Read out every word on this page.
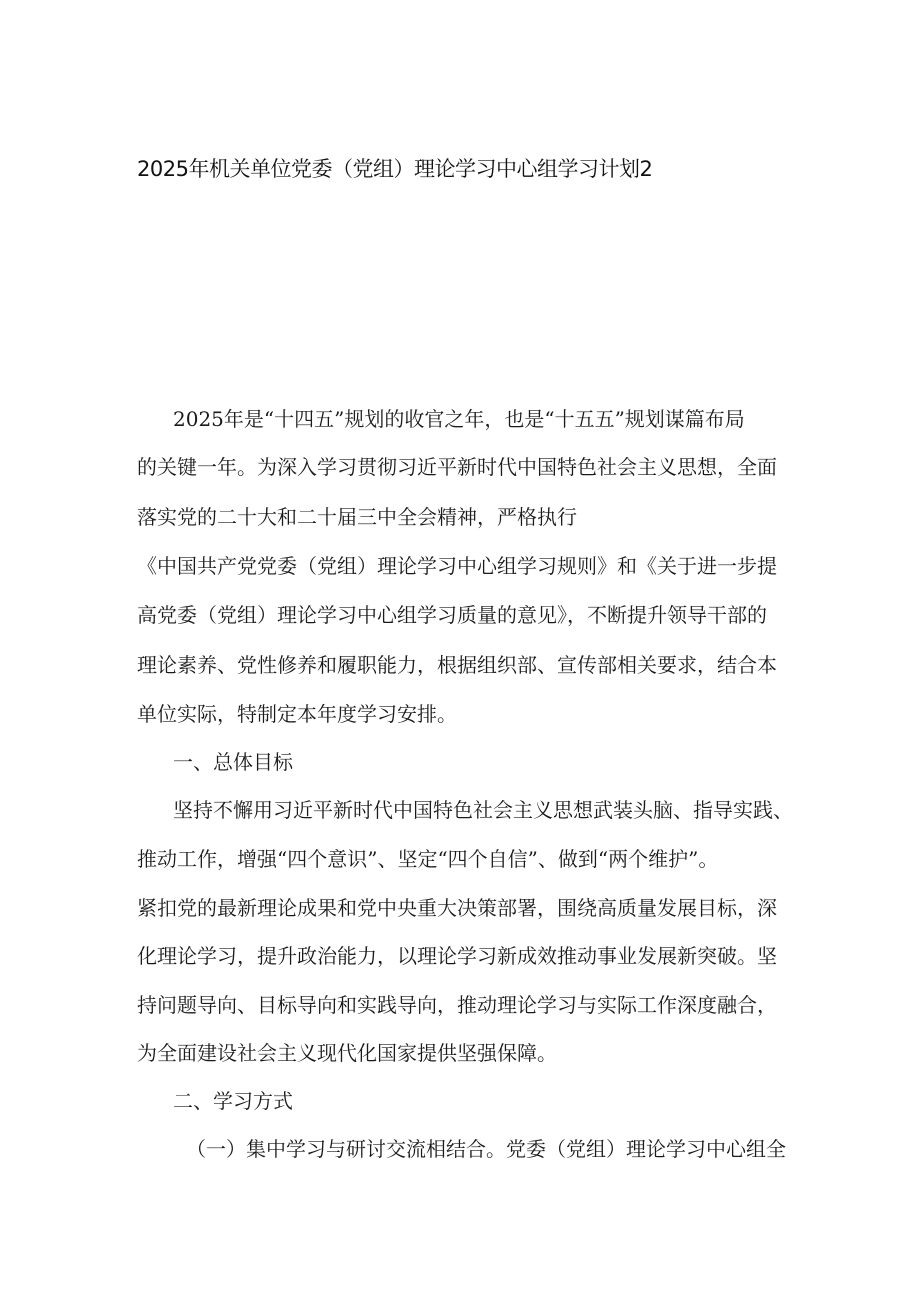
2025年机关单位党委（党组）理论学习中心组学习计划2
2025年是“十四五”规划的收官之年，也是“十五五”规划谋篇布局
的关键一年。为深入学习贯彻习近平新时代中国特色社会主义思想，全面
落实党的二十大和二十届三中全会精神，严格执行
《中国共产党党委（党组）理论学习中心组学习规则》和《关于进一步提
高党委（党组）理论学习中心组学习质量的意见》，不断提升领导干部的
理论素养、党性修养和履职能力，根据组织部、宣传部相关要求，结合本
单位实际，特制定本年度学习安排。
一、总体目标
坚持不懈用习近平新时代中国特色社会主义思想武装头脑、指导实践、
推动工作，增强“四个意识”、坚定“四个自信”、做到“两个维护”。
紧扣党的最新理论成果和党中央重大决策部署，围绕高质量发展目标，深
化理论学习，提升政治能力，以理论学习新成效推动事业发展新突破。坚
持问题导向、目标导向和实践导向，推动理论学习与实际工作深度融合，
为全面建设社会主义现代化国家提供坚强保障。
二、学习方式
（一）集中学习与研讨交流相结合。党委（党组）理论学习中心组全
